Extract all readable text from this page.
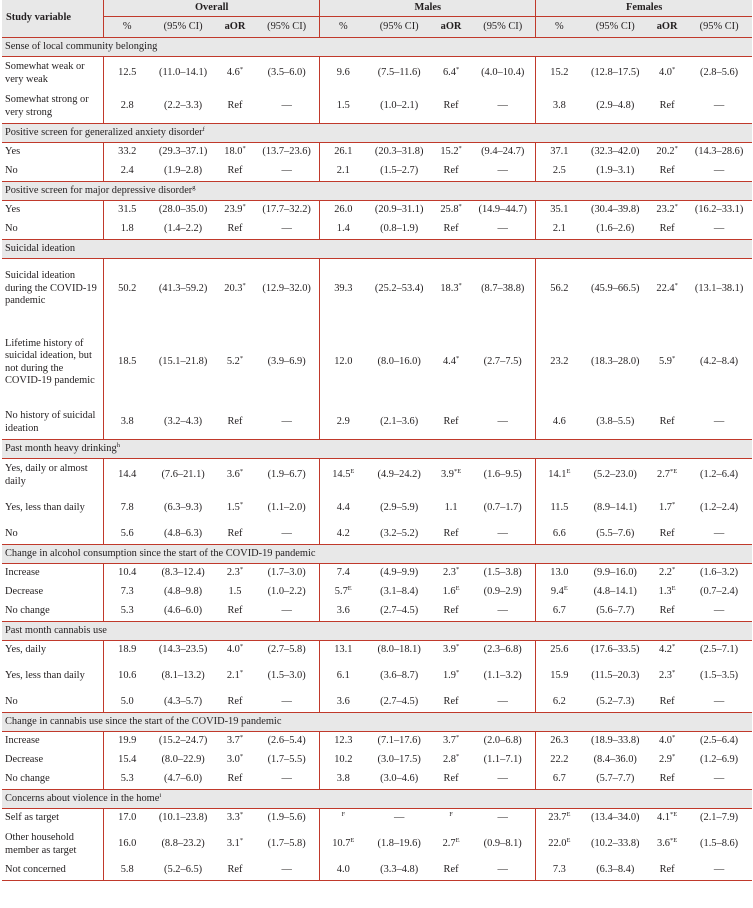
Study variable	Overall				Males				Females			
	%	(95% CI)	aOR	(95% CI)	%	(95% CI)	aOR	(95% CI)	%	(95% CI)	aOR	(95% CI)
Sense of local community belonging												
Somewhat weak or very weak	12.5	(11.0–14.1)	4.6*	(3.5–6.0)	9.6	(7.5–11.6)	6.4*	(4.0–10.4)	15.2	(12.8–17.5)	4.0*	(2.8–5.6)
Somewhat strong or very strong	2.8	(2.2–3.3)	Ref	—	1.5	(1.0–2.1)	Ref	—	3.8	(2.9–4.8)	Ref	—
Positive screen for generalized anxiety disorder$^f$
Yes	33.2	(29.3–37.1)	18.0*	(13.7–23.6)	26.1	(20.3–31.8)	15.2*	(9.4–24.7)	37.1	(32.3–42.0)	20.2*	(14.3–28.6)
No	2.4	(1.9–2.8)	Ref	—	2.1	(1.5–2.7)	Ref	—	2.5	(1.9–3.1)	Ref	—
Positive screen for major depressive disorder$^g$
Yes	31.5	(28.0–35.0)	23.9*	(17.7–32.2)	26.0	(20.9–31.1)	25.8*	(14.9–44.7)	35.1	(30.4–39.8)	23.2*	(16.2–33.1)
No	1.8	(1.4–2.2)	Ref	—	1.4	(0.8–1.9)	Ref	—	2.1	(1.6–2.6)	Ref	—
Suicidal ideation												
Suicidal ideation during the COVID-19 pandemic	50.2	(41.3–59.2)	20.3*	(12.9–32.0)	39.3	(25.2–53.4)	18.3*	(8.7–38.8)	56.2	(45.9–66.5)	22.4*	(13.1–38.1)
Lifetime history of suicidal ideation, but not during the COVID-19 pandemic	18.5	(15.1–21.8)	5.2*	(3.9–6.9)	12.0	(8.0–16.0)	4.4*	(2.7–7.5)	23.2	(18.3–28.0)	5.9*	(4.2–8.4)
No history of suicidal ideation	3.8	(3.2–4.3)	Ref	—	2.9	(2.1–3.6)	Ref	—	4.6	(3.8–5.5)	Ref	—
Past month heavy drinking$^h$
Yes, daily or almost daily	14.4	(7.6–21.1)	3.6*	(1.9–6.7)	$14.5^E$	(4.9–24.2)	$3.9^{*E}$	(1.6–9.5)	$14.1^E$	(5.2–23.0)	$2.7^{*E}$	(1.2–6.4)
Yes, less than daily	7.8	(6.3–9.3)	1.5*	(1.1–2.0)	4.4	(2.9–5.9)	1.1	(0.7–1.7)	11.5	(8.9–14.1)	1.7*	(1.2–2.4)
No	5.6	(4.8–6.3)	Ref	—	4.2	(3.2–5.2)	Ref	—	6.6	(5.5–7.6)	Ref	—
Change in alcohol consumption since the start of the COVID-19 pandemic												
Increase	10.4	(8.3–12.4)	2.3*	(1.7–3.0)	7.4	(4.9–9.9)	2.3*	(1.5–3.8)	13.0	(9.9–16.0)	2.2*	(1.6–3.2)
Decrease	7.3	(4.8–9.8)	1.5	(1.0–2.2)	$5.7^E$	(3.1–8.4)	$1.6^E$	(0.9–2.9)	$9.4^E$	(4.8–14.1)	$1.3^E$	(0.7–2.4)
No change	5.3	(4.6–6.0)	Ref	—	3.6	(2.7–4.5)	Ref	—	6.7	(5.6–7.7)	Ref	—
Past month cannabis use												
Yes, daily	18.9	(14.3–23.5)	4.0*	(2.7–5.8)	13.1	(8.0–18.1)	3.9*	(2.3–6.8)	25.6	(17.6–33.5)	4.2*	(2.5–7.1)
Yes, less than daily	10.6	(8.1–13.2)	2.1*	(1.5–3.0)	6.1	(3.6–8.7)	1.9*	(1.1–3.2)	15.9	(11.5–20.3)	2.3*	(1.5–3.5)
No	5.0	(4.3–5.7)	Ref	—	3.6	(2.7–4.5)	Ref	—	6.2	(5.2–7.3)	Ref	—
Change in cannabis use since the start of the COVID-19 pandemic												
Increase	19.9	(15.2–24.7)	3.7*	(2.6–5.4)	12.3	(7.1–17.6)	3.7*	(2.0–6.8)	26.3	(18.9–33.8)	4.0*	(2.5–6.4)
Decrease	15.4	(8.0–22.9)	3.0*	(1.7–5.5)	10.2	(3.0–17.5)	2.8*	(1.1–7.1)	22.2	(8.4–36.0)	2.9*	(1.2–6.9)
No change	5.3	(4.7–6.0)	Ref	—	3.8	(3.0–4.6)	Ref	—	6.7	(5.7–7.7)	Ref	—
Concerns about violence in the home$^i$
Self as target	17.0	(10.1–23.8)	3.3*	(1.9–5.6)	$^F$	—	$^F$	—	$23.7^E$	(13.4–34.0)	$4.1^{*E}$	(2.1–7.9)
Other household member as target	16.0	(8.8–23.2)	3.1*	(1.7–5.8)	$10.7^E$	(1.8–19.6)	$2.7^E$	(0.9–8.1)	$22.0^E$	(10.2–33.8)	$3.6^{*E}$	(1.5–8.6)
Not concerned	5.8	(5.2–6.5)	Ref	—	4.0	(3.3–4.8)	Ref	—	7.3	(6.3–8.4)	Ref	—
